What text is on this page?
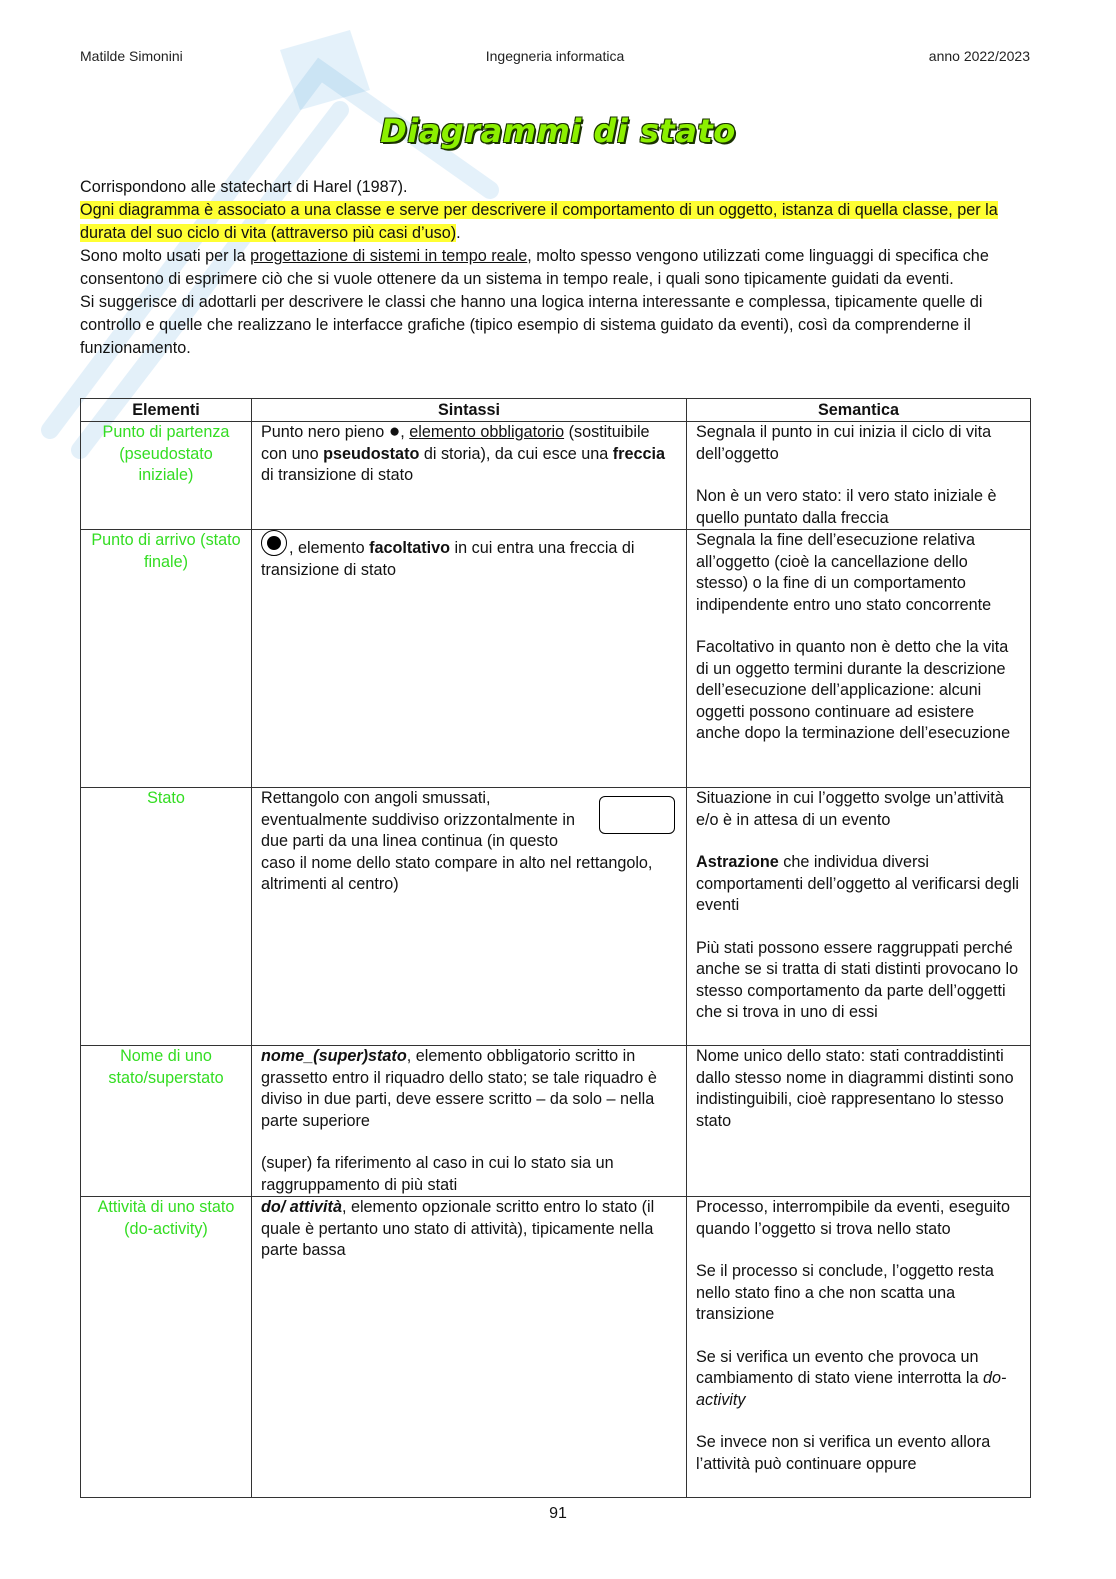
Matilde Simonini	Ingegneria informatica	anno 2022/2023
Diagrammi di stato

Corrispondono alle statechart di Harel (1987).

Ogni diagramma è associato a una classe e serve per descrivere il comportamento di un oggetto, istanza di quella classe, per la durata del suo ciclo di vita (attraverso più casi d’uso).

Sono molto usati per la progettazione di sistemi in tempo reale, molto spesso vengono utilizzati come linguaggi di specifica che consentono di esprimere ciò che si vuole ottenere da un sistema in tempo reale, i quali sono tipicamente guidati da eventi.

Si suggerisce di adottarli per descrivere le classi che hanno una logica interna interessante e complessa, tipicamente quelle di controllo e quelle che realizzano le interfacce grafiche (tipico esempio di sistema guidato da eventi), così da comprenderne il funzionamento.

Elementi	Sintassi	Semantica
Punto di partenza (pseudostato iniziale)	Punto nero pieno ●, elemento obbligatorio (sostituibile con uno pseudostato di storia), da cui esce una freccia di transizione di stato	Segnala il punto in cui inizia il ciclo di vita dell’oggetto
Non è un vero stato: il vero stato iniziale è quello puntato dalla freccia

Punto di arrivo (stato finale)	, elemento facoltativo in cui entra una freccia di transizione di stato	Segnala la fine dell’esecuzione relativa all’oggetto (cioè la cancellazione dello stesso) o la fine di un comportamento indipendente entro uno stato concorrente
Facoltativo in quanto non è detto che la vita di un oggetto termini durante la descrizione dell’esecuzione dell’applicazione: alcuni oggetti possono continuare ad esistere anche dopo la terminazione dell’esecuzione

Stato	Rettangolo con angoli smussati, eventualmente suddiviso orizzontalmente in due parti da una linea continua (in questo caso il nome dello stato compare in alto nel rettangolo, altrimenti al centro)	Situazione in cui l’oggetto svolge un’attività e/o è in attesa di un evento
Astrazione che individua diversi comportamenti dell’oggetto al verificarsi degli eventi
Più stati possono essere raggruppati perché anche se si tratta di stati distinti provocano lo stesso comportamento da parte dell’oggetti che si trova in uno di essi

Nome di uno stato/superstato	nome_(super)stato, elemento obbligatorio scritto in grassetto entro il riquadro dello stato; se tale riquadro è diviso in due parti, deve essere scritto – da solo – nella parte superiore
(super) fa riferimento al caso in cui lo stato sia un raggruppamento di più stati	Nome unico dello stato: stati contraddistinti dallo stesso nome in diagrammi distinti sono indistinguibili, cioè rappresentano lo stesso stato

Attività di uno stato (do-activity)	do/ attività, elemento opzionale scritto entro lo stato (il quale è pertanto uno stato di attività), tipicamente nella parte bassa	Processo, interrompibile da eventi, eseguito quando l’oggetto si trova nello stato
Se il processo si conclude, l’oggetto resta nello stato fino a che non scatta una transizione
Se si verifica un evento che provoca un cambiamento di stato viene interrotta la do-activity
Se invece non si verifica un evento allora l’attività può continuare oppure
91
